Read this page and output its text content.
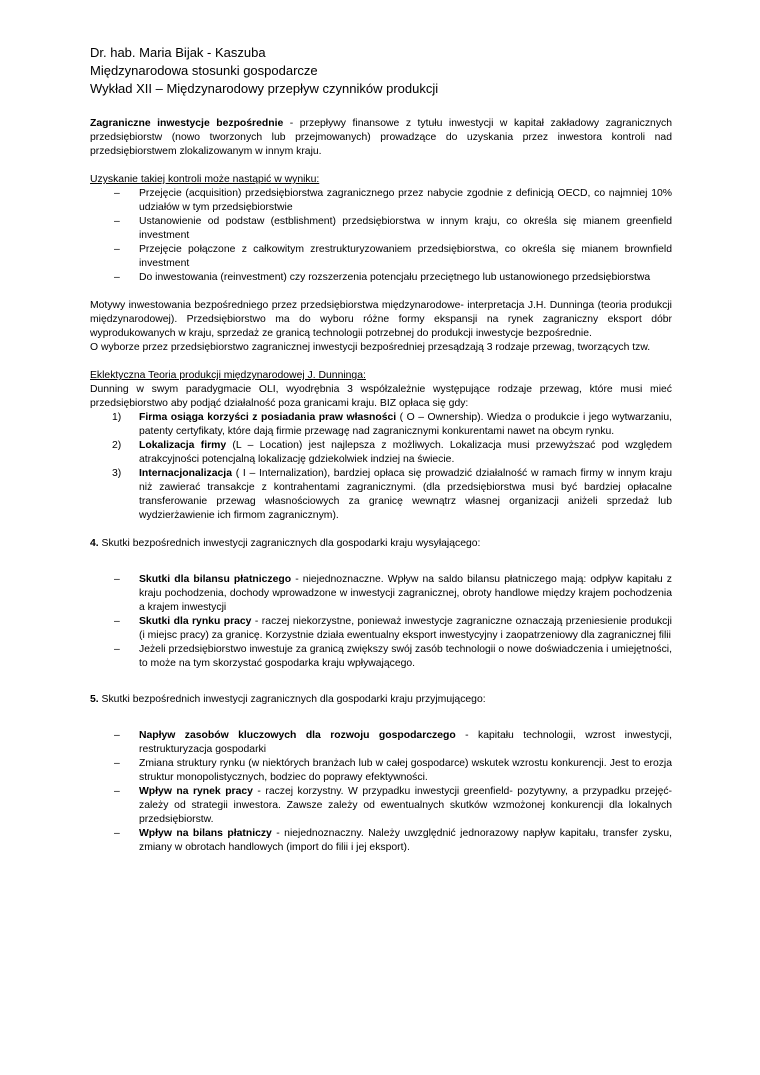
Dr. hab. Maria Bijak - Kaszuba
Międzynarodowa stosunki gospodarcze
Wykład XII – Międzynarodowy przepływ czynników produkcji

Zagraniczne inwestycje bezpośrednie - przepływy finansowe z tytułu inwestycji w kapitał zakładowy zagranicznych przedsiębiorstw (nowo tworzonych lub przejmowanych) prowadzące do uzyskania przez inwestora kontroli nad przedsiębiorstwem zlokalizowanym w innym kraju.

Uzyskanie takiej kontroli może nastąpić w wyniku:

– Przejęcie (acquisition) przedsiębiorstwa zagranicznego przez nabycie zgodnie z definicją OECD, co najmniej 10% udziałów w tym przedsiębiorstwie
– Ustanowienie od podstaw (estblishment) przedsiębiorstwa w innym kraju, co określa się mianem greenfield investment
– Przejęcie połączone z całkowitym zrestrukturyzowaniem przedsiębiorstwa, co określa się mianem brownfield investment
– Do inwestowania (reinvestment) czy rozszerzenia potencjału przeciętnego lub ustanowionego przedsiębiorstwa

Motywy inwestowania bezpośredniego przez przedsiębiorstwa międzynarodowe- interpretacja J.H. Dunninga (teoria produkcji międzynarodowej). Przedsiębiorstwo ma do wyboru różne formy ekspansji na rynek zagraniczny eksport dóbr wyprodukowanych w kraju, sprzedaż ze granicą technologii potrzebnej do produkcji inwestycje bezpośrednie.

O wyborze przez przedsiębiorstwo zagranicznej inwestycji bezpośredniej przesądzają 3 rodzaje przewag, tworzących tzw.

Eklektyczna Teoria produkcji międzynarodowej J. Dunninga:

Dunning w swym paradygmacie OLI, wyodrębnia 3 współzależnie występujące rodzaje przewag, które musi mieć przedsiębiorstwo aby podjąć działalność poza granicami kraju. BIZ opłaca się gdy:

1) Firma osiąga korzyści z posiadania praw własności ( O – Ownership). Wiedza o produkcie i jego wytwarzaniu, patenty certyfikaty, które dają firmie przewagę nad zagranicznymi konkurentami nawet na obcym rynku.
2) Lokalizacja firmy (L – Location) jest najlepsza z możliwych. Lokalizacja musi przewyższać pod względem atrakcyjności potencjalną lokalizację gdziekolwiek indziej na świecie.
3) Internacjonalizacja ( I – Internalization), bardziej opłaca się prowadzić działalność w ramach firmy w innym kraju niż zawierać transakcje z kontrahentami zagranicznymi. (dla przedsiębiorstwa musi być bardziej opłacalne transferowanie przewag własnościowych za granicę wewnątrz własnej organizacji aniżeli sprzedaż lub wydzierżawienie ich firmom zagranicznym).

4. Skutki bezpośrednich inwestycji zagranicznych dla gospodarki kraju wysyłającego:

– Skutki dla bilansu płatniczego - niejednoznaczne. Wpływ na saldo bilansu płatniczego mają: odpływ kapitału z kraju pochodzenia, dochody wprowadzone w inwestycji zagranicznej, obroty handlowe między krajem pochodzenia a krajem inwestycji
– Skutki dla rynku pracy - raczej niekorzystne, ponieważ inwestycje zagraniczne oznaczają przeniesienie produkcji (i miejsc pracy) za granicę. Korzystnie działa ewentualny eksport inwestycyjny i zaopatrzeniowy dla zagranicznej filii
– Jeżeli przedsiębiorstwo inwestuje za granicą zwiększy swój zasób technologii o nowe doświadczenia i umiejętności, to może na tym skorzystać gospodarka kraju wpływającego.

5. Skutki bezpośrednich inwestycji zagranicznych dla gospodarki kraju przyjmującego:

– Napływ zasobów kluczowych dla rozwoju gospodarczego - kapitału technologii, wzrost inwestycji, restrukturyzacja gospodarki
– Zmiana struktury rynku (w niektórych branżach lub w całej gospodarce) wskutek wzrostu konkurencji. Jest to erozja struktur monopolistycznych, bodziec do poprawy efektywności.
– Wpływ na rynek pracy - raczej korzystny. W przypadku inwestycji greenfield- pozytywny, a przypadku przejęć- zależy od strategii inwestora. Zawsze zależy od ewentualnych skutków wzmożonej konkurencji dla lokalnych przedsiębiorstw.
– Wpływ na bilans płatniczy - niejednoznaczny. Należy uwzględnić jednorazowy napływ kapitału, transfer zysku, zmiany w obrotach handlowych (import do filii i jej eksport).
